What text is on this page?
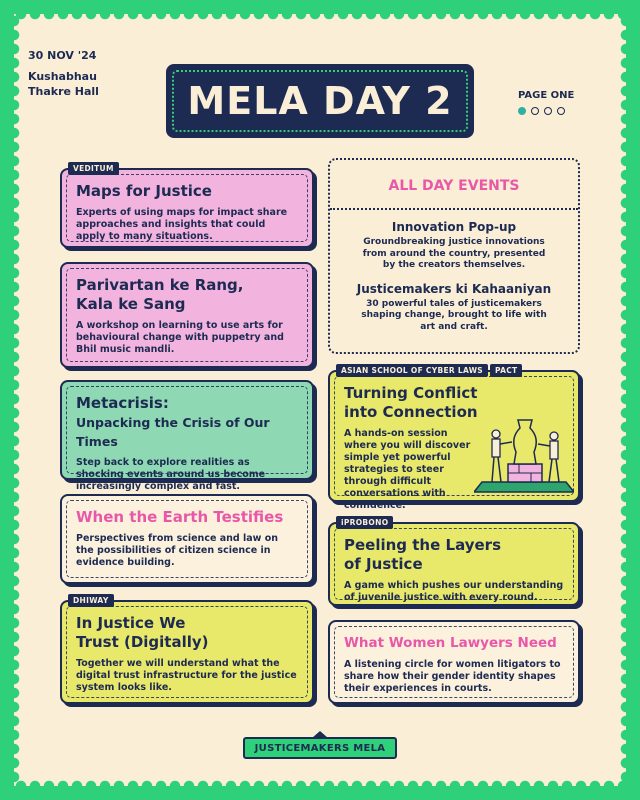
30 NOV '24
Kushabhau
Thakre Hall MELA DAY 2	PAGE ONE
VEDITUM
Maps for Justice

Experts of using maps for impact share approaches and insights that could apply to many situations.

Parivartan ke Rang,
Kala ke Sang

A workshop on learning to use arts for behavioural change with puppetry and Bhil music mandli.

Metacrisis:
Unpacking the Crisis of Our Times

Step back to explore realities as shocking events around us become increasingly complex and fast.

When the Earth Testifies

Perspectives from science and law on the possibilities of citizen science in evidence building.

DHIWAY
In Justice We
Trust (Digitally)

Together we will understand what the digital trust infrastructure for the justice system looks like.

ALL DAY EVENTS
Innovation Pop-up

Groundbreaking justice innovations from around the country, presented by the creators themselves.

Justicemakers ki Kahaaniyan

30 powerful tales of justicemakers shaping change, brought to life with art and craft.

ASIAN SCHOOL OF CYBER LAWS	PACT
Turning Conflict
into Connection

A hands-on session where you will discover simple yet powerful strategies to steer through difficult conversations with confidence.

iPROBONO
Peeling the Layers
of Justice

A game which pushes our understanding of juvenile justice with every round.

What Women Lawyers Need

A listening circle for women litigators to share how their gender identity shapes their experiences in courts.

JUSTICEMAKERS MELA
